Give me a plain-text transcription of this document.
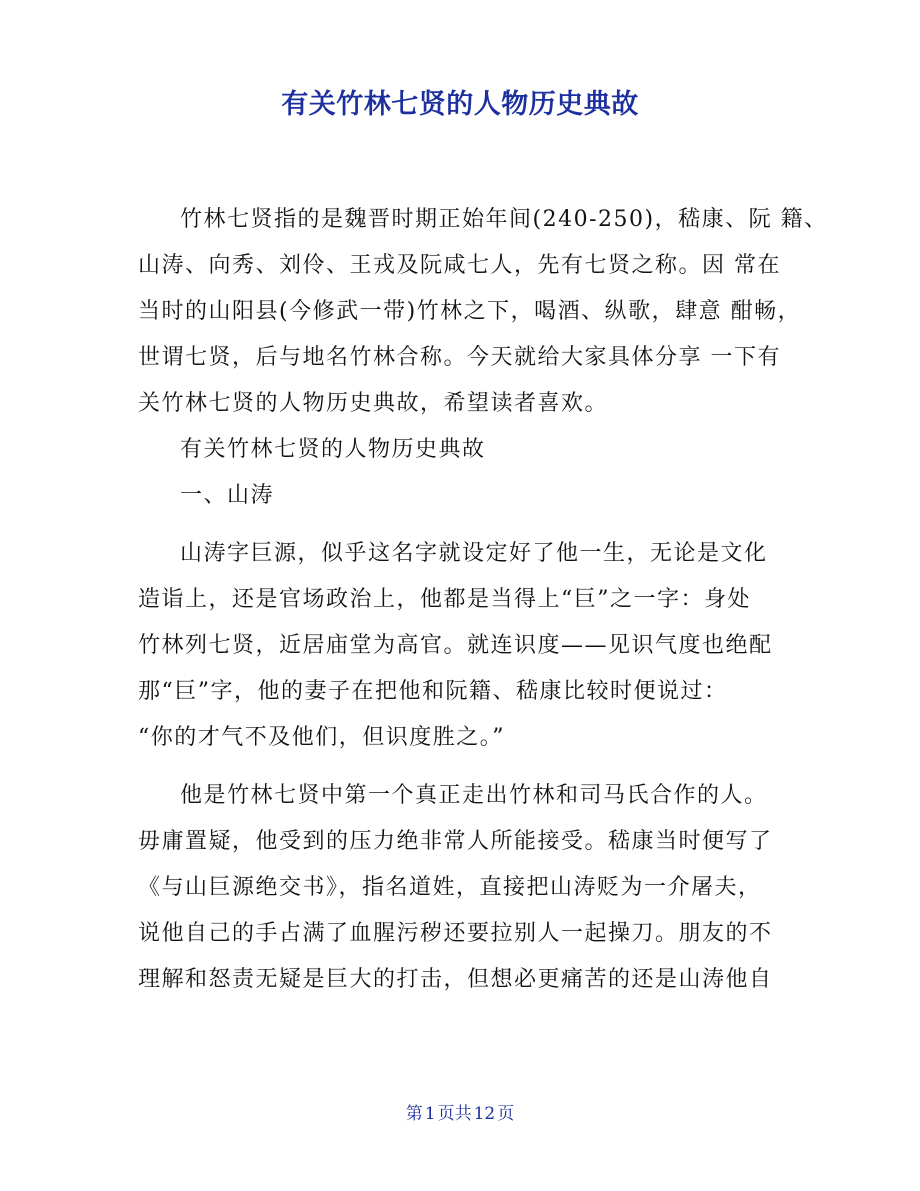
有关竹林七贤的人物历史典故
竹林七贤指的是魏晋时期正始年间(240-250)，嵇康、阮 籍、
山涛、向秀、刘伶、王戎及阮咸七人，先有七贤之称。因 常在
当时的山阳县(今修武一带)竹林之下，喝酒、纵歌，肆意 酣畅，
世谓七贤，后与地名竹林合称。今天就给大家具体分享 一下有
关竹林七贤的人物历史典故，希望读者喜欢。
有关竹林七贤的人物历史典故
一、山涛
山涛字巨源，似乎这名字就设定好了他一生，无论是文化
造诣上，还是官场政治上，他都是当得上“巨”之一字：身处
竹林列七贤，近居庙堂为高官。就连识度——见识气度也绝配
那“巨”字，他的妻子在把他和阮籍、嵇康比较时便说过：
“你的才气不及他们，但识度胜之。”
他是竹林七贤中第一个真正走出竹林和司马氏合作的人。
毋庸置疑，他受到的压力绝非常人所能接受。嵇康当时便写了
《与山巨源绝交书》，指名道姓，直接把山涛贬为一介屠夫，
说他自己的手占满了血腥污秽还要拉别人一起操刀。朋友的不
理解和怒责无疑是巨大的打击，但想必更痛苦的还是山涛他自
第 1 页共 12 页
